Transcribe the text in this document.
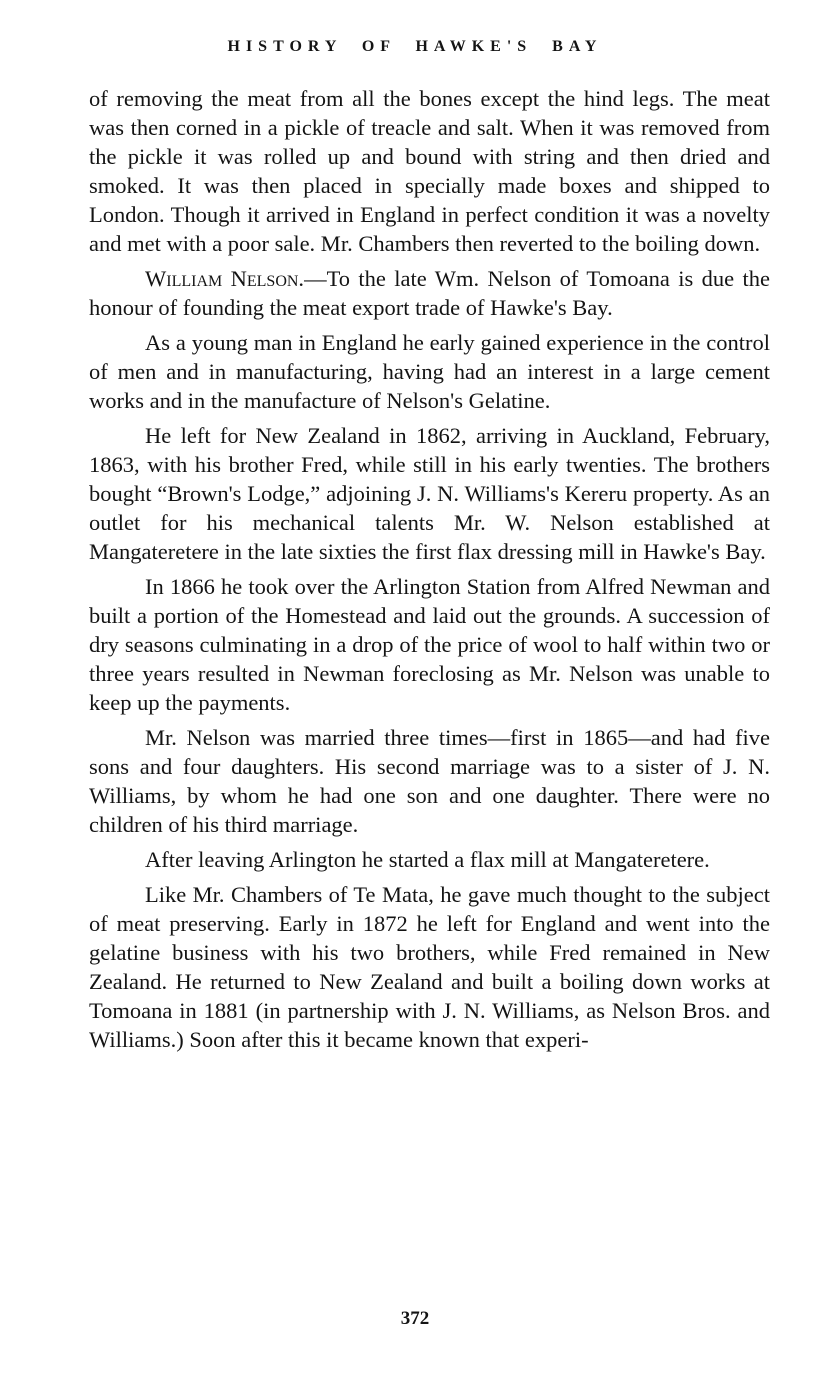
HISTORY OF HAWKE'S BAY

of removing the meat from all the bones except the hind legs. The meat was then corned in a pickle of treacle and salt. When it was removed from the pickle it was rolled up and bound with string and then dried and smoked. It was then placed in specially made boxes and shipped to London. Though it arrived in England in perfect condition it was a novelty and met with a poor sale. Mr. Chambers then reverted to the boiling down.

William Nelson.—To the late Wm. Nelson of Tomoana is due the honour of founding the meat export trade of Hawke's Bay.

As a young man in England he early gained experience in the control of men and in manufacturing, having had an interest in a large cement works and in the manufacture of Nelson's Gelatine.

He left for New Zealand in 1862, arriving in Auckland, February, 1863, with his brother Fred, while still in his early twenties. The brothers bought “Brown's Lodge,” adjoining J. N. Williams's Kereru property. As an outlet for his mechanical talents Mr. W. Nelson established at Mangateretere in the late sixties the first flax dressing mill in Hawke's Bay.

In 1866 he took over the Arlington Station from Alfred Newman and built a portion of the Homestead and laid out the grounds. A succession of dry seasons culminating in a drop of the price of wool to half within two or three years resulted in Newman foreclosing as Mr. Nelson was unable to keep up the payments.

Mr. Nelson was married three times—first in 1865—and had five sons and four daughters. His second marriage was to a sister of J. N. Williams, by whom he had one son and one daughter. There were no children of his third marriage.

After leaving Arlington he started a flax mill at Mangateretere.

Like Mr. Chambers of Te Mata, he gave much thought to the subject of meat preserving. Early in 1872 he left for England and went into the gelatine business with his two brothers, while Fred remained in New Zealand. He returned to New Zealand and built a boiling down works at Tomoana in 1881 (in partnership with J. N. Williams, as Nelson Bros. and Williams.) Soon after this it became known that experi-

372
